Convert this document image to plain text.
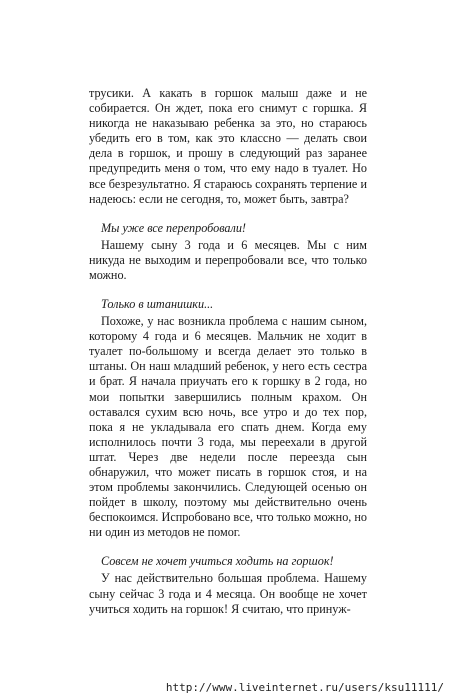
трусики. А какать в горшок малыш даже и не собирается. Он ждет, пока его снимут с горшка. Я никогда не наказываю ребенка за это, но стараюсь убедить его в том, как это классно — делать свои дела в горшок, и прошу в следующий раз заранее предупредить меня о том, что ему надо в туалет. Но все безрезультатно. Я стараюсь сохранять терпение и надеюсь: если не сегодня, то, может быть, завтра?

Мы уже все перепробовали!

Нашему сыну 3 года и 6 месяцев. Мы с ним никуда не выходим и перепробовали все, что только можно.

Только в штанишки...

Похоже, у нас возникла проблема с нашим сыном, которому 4 года и 6 месяцев. Мальчик не ходит в туалет по-большому и всегда делает это только в штаны. Он наш младший ребенок, у него есть сестра и брат. Я начала приучать его к горшку в 2 года, но мои попытки завершились полным крахом. Он оставался сухим всю ночь, все утро и до тех пор, пока я не укладывала его спать днем. Когда ему исполнилось почти 3 года, мы переехали в другой штат. Через две недели после переезда сын обнаружил, что может писать в горшок стоя, и на этом проблемы закончились. Следующей осенью он пойдет в школу, поэтому мы действительно очень беспокоимся. Испробовано все, что только можно, но ни один из методов не помог.

Совсем не хочет учиться ходить на горшок!

У нас действительно большая проблема. Нашему сыну сейчас 3 года и 4 месяца. Он вообще не хочет учиться ходить на горшок! Я считаю, что принуж-

http://www.liveinternet.ru/users/ksu11111/
